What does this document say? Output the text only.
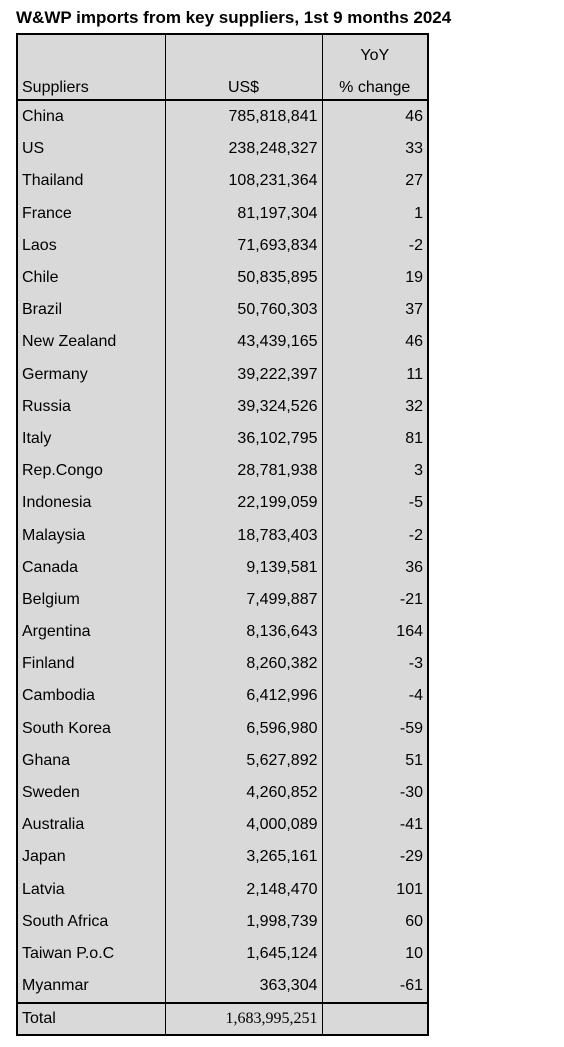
W&WP imports from key suppliers, 1st 9 months 2024
		YoY
Suppliers	US$	% change
China	785,818,841	46
US	238,248,327	33
Thailand	108,231,364	27
France	81,197,304	1
Laos	71,693,834	-2
Chile	50,835,895	19
Brazil	50,760,303	37
New Zealand	43,439,165	46
Germany	39,222,397	11
Russia	39,324,526	32
Italy	36,102,795	81
Rep.Congo	28,781,938	3
Indonesia	22,199,059	-5
Malaysia	18,783,403	-2
Canada	9,139,581	36
Belgium	7,499,887	-21
Argentina	8,136,643	164
Finland	8,260,382	-3
Cambodia	6,412,996	-4
South Korea	6,596,980	-59
Ghana	5,627,892	51
Sweden	4,260,852	-30
Australia	4,000,089	-41
Japan	3,265,161	-29
Latvia	2,148,470	101
South Africa	1,998,739	60
Taiwan P.o.C	1,645,124	10
Myanmar	363,304	-61
Total	1,683,995,251	
